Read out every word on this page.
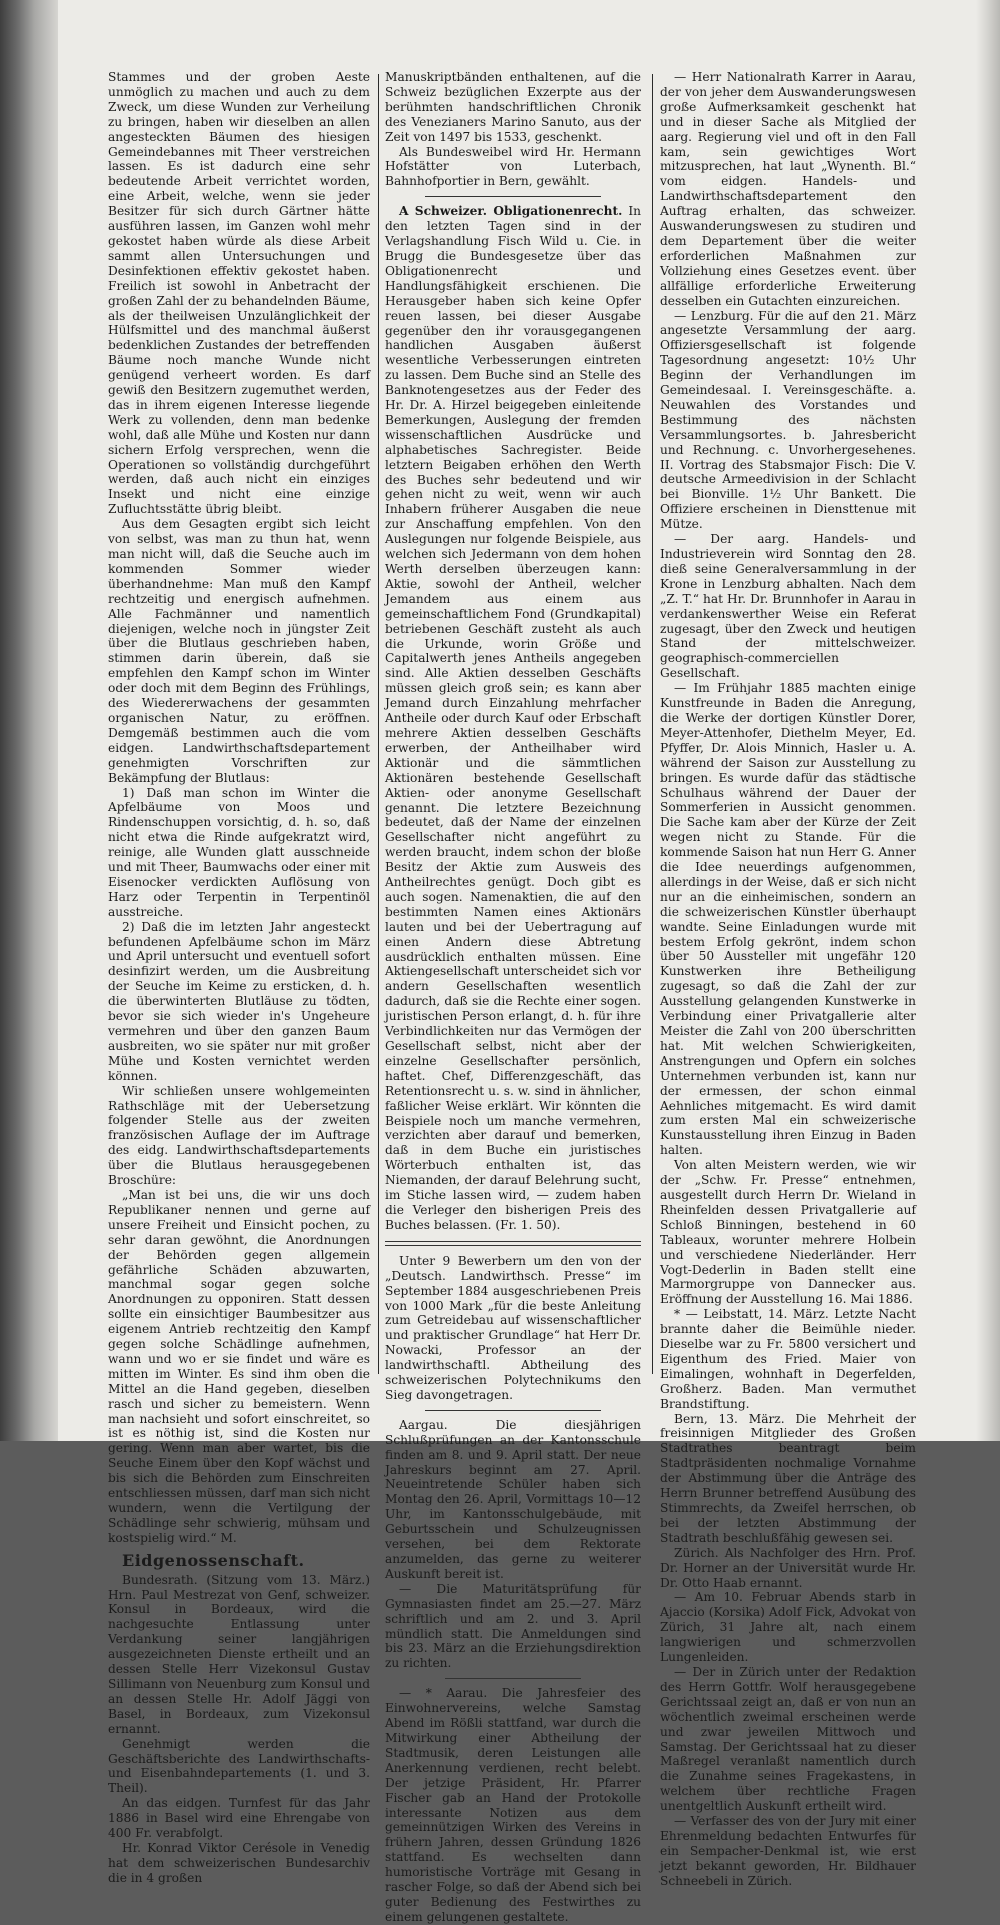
Stammes und der groben Aeste unmöglich zu machen und auch zu dem Zweck, um diese Wunden zur Verheilung zu bringen, haben wir dieselben an allen angesteckten Bäumen des hiesigen Gemeindebannes mit Theer verstreichen lassen. Es ist dadurch eine sehr bedeutende Arbeit verrichtet worden, eine Arbeit, welche, wenn sie jeder Besitzer für sich durch Gärtner hätte ausführen lassen, im Ganzen wohl mehr gekostet haben würde als diese Arbeit sammt allen Untersuchungen und Desinfektionen effektiv gekostet haben. Freilich ist sowohl in Anbetracht der großen Zahl der zu behandelnden Bäume, als der theilweisen Unzulänglichkeit der Hülfsmittel und des manchmal äußerst bedenklichen Zustandes der betreffenden Bäume noch manche Wunde nicht genügend verheert worden. Es darf gewiß den Besitzern zugemuthet werden, das in ihrem eigenen Interesse liegende Werk zu vollenden, denn man bedenke wohl, daß alle Mühe und Kosten nur dann sichern Erfolg versprechen, wenn die Operationen so vollständig durchgeführt werden, daß auch nicht ein einziges Insekt und nicht eine einzige Zufluchtsstätte übrig bleibt.

Aus dem Gesagten ergibt sich leicht von selbst, was man zu thun hat, wenn man nicht will, daß die Seuche auch im kommenden Sommer wieder überhandnehme: Man muß den Kampf rechtzeitig und energisch aufnehmen. Alle Fachmänner und namentlich diejenigen, welche noch in jüngster Zeit über die Blutlaus geschrieben haben, stimmen darin überein, daß sie empfehlen den Kampf schon im Winter oder doch mit dem Beginn des Frühlings, des Wiedererwachens der gesammten organischen Natur, zu eröffnen. Demgemäß bestimmen auch die vom eidgen. Landwirthschaftsdepartement genehmigten Vorschriften zur Bekämpfung der Blutlaus:

1) Daß man schon im Winter die Apfelbäume von Moos und Rindenschuppen vorsichtig, d. h. so, daß nicht etwa die Rinde aufgekratzt wird, reinige, alle Wunden glatt ausschneide und mit Theer, Baumwachs oder einer mit Eisenocker verdickten Auflösung von Harz oder Terpentin in Terpentinöl ausstreiche.

2) Daß die im letzten Jahr angesteckt befundenen Apfelbäume schon im März und April untersucht und eventuell sofort desinfizirt werden, um die Ausbreitung der Seuche im Keime zu ersticken, d. h. die überwinterten Blutläuse zu tödten, bevor sie sich wieder in's Ungeheure vermehren und über den ganzen Baum ausbreiten, wo sie später nur mit großer Mühe und Kosten vernichtet werden können.

Wir schließen unsere wohlgemeinten Rathschläge mit der Uebersetzung folgender Stelle aus der zweiten französischen Auflage der im Auftrage des eidg. Landwirthschaftsdepartements über die Blutlaus herausgegebenen Broschüre:

„Man ist bei uns, die wir uns doch Republikaner nennen und gerne auf unsere Freiheit und Einsicht pochen, zu sehr daran gewöhnt, die Anordnungen der Behörden gegen allgemein gefährliche Schäden abzuwarten, manchmal sogar gegen solche Anordnungen zu opponiren. Statt dessen sollte ein einsichtiger Baumbesitzer aus eigenem Antrieb rechtzeitig den Kampf gegen solche Schädlinge aufnehmen, wann und wo er sie findet und wäre es mitten im Winter. Es sind ihm oben die Mittel an die Hand gegeben, dieselben rasch und sicher zu bemeistern. Wenn man nachsieht und sofort einschreitet, so ist es nöthig ist, sind die Kosten nur gering. Wenn man aber wartet, bis die Seuche Einem über den Kopf wächst und bis sich die Behörden zum Einschreiten entschliessen müssen, darf man sich nicht wundern, wenn die Vertilgung der Schädlinge sehr schwierig, mühsam und kostspielig wird.“ M.

Eidgenossenschaft.

Bundesrath. (Sitzung vom 13. März.) Hrn. Paul Mestrezat von Genf, schweizer. Konsul in Bordeaux, wird die nachgesuchte Entlassung unter Verdankung seiner langjährigen ausgezeichneten Dienste ertheilt und an dessen Stelle Herr Vizekonsul Gustav Sillimann von Neuenburg zum Konsul und an dessen Stelle Hr. Adolf Jäggi von Basel, in Bordeaux, zum Vizekonsul ernannt.

Genehmigt werden die Geschäftsberichte des Landwirthschafts- und Eisenbahndepartements (1. und 3. Theil).

An das eidgen. Turnfest für das Jahr 1886 in Basel wird eine Ehrengabe von 400 Fr. verabfolgt.

Hr. Konrad Viktor Cerésole in Venedig hat dem schweizerischen Bundesarchiv die in 4 großen

Manuskriptbänden enthaltenen, auf die Schweiz bezüglichen Exzerpte aus der berühmten handschriftlichen Chronik des Venezianers Marino Sanuto, aus der Zeit von 1497 bis 1533, geschenkt.

Als Bundesweibel wird Hr. Hermann Hofstätter von Luterbach, Bahnhofportier in Bern, gewählt.

A Schweizer. Obligationenrecht. In den letzten Tagen sind in der Verlagshandlung Fisch Wild u. Cie. in Brugg die Bundesgesetze über das Obligationenrecht und Handlungsfähigkeit erschienen. Die Herausgeber haben sich keine Opfer reuen lassen, bei dieser Ausgabe gegenüber den ihr vorausgegangenen handlichen Ausgaben äußerst wesentliche Verbesserungen eintreten zu lassen. Dem Buche sind an Stelle des Banknotengesetzes aus der Feder des Hr. Dr. A. Hirzel beigegeben einleitende Bemerkungen, Auslegung der fremden wissenschaftlichen Ausdrücke und alphabetisches Sachregister. Beide letztern Beigaben erhöhen den Werth des Buches sehr bedeutend und wir gehen nicht zu weit, wenn wir auch Inhabern früherer Ausgaben die neue zur Anschaffung empfehlen. Von den Auslegungen nur folgende Beispiele, aus welchen sich Jedermann von dem hohen Werth derselben überzeugen kann: Aktie, sowohl der Antheil, welcher Jemandem aus einem aus gemeinschaftlichem Fond (Grundkapital) betriebenen Geschäft zusteht als auch die Urkunde, worin Größe und Capitalwerth jenes Antheils angegeben sind. Alle Aktien desselben Geschäfts müssen gleich groß sein; es kann aber Jemand durch Einzahlung mehrfacher Antheile oder durch Kauf oder Erbschaft mehrere Aktien desselben Geschäfts erwerben, der Antheilhaber wird Aktionär und die sämmtlichen Aktionären bestehende Gesellschaft Aktien- oder anonyme Gesellschaft genannt. Die letztere Bezeichnung bedeutet, daß der Name der einzelnen Gesellschafter nicht angeführt zu werden braucht, indem schon der bloße Besitz der Aktie zum Ausweis des Antheilrechtes genügt. Doch gibt es auch sogen. Namenaktien, die auf den bestimmten Namen eines Aktionärs lauten und bei der Uebertragung auf einen Andern diese Abtretung ausdrücklich enthalten müssen. Eine Aktiengesellschaft unterscheidet sich vor andern Gesellschaften wesentlich dadurch, daß sie die Rechte einer sogen. juristischen Person erlangt, d. h. für ihre Verbindlichkeiten nur das Vermögen der Gesellschaft selbst, nicht aber der einzelne Gesellschafter persönlich, haftet. Chef, Differenzgeschäft, das Retentionsrecht u. s. w. sind in ähnlicher, faßlicher Weise erklärt. Wir könnten die Beispiele noch um manche vermehren, verzichten aber darauf und bemerken, daß in dem Buche ein juristisches Wörterbuch enthalten ist, das Niemanden, der darauf Belehrung sucht, im Stiche lassen wird, — zudem haben die Verleger den bisherigen Preis des Buches belassen. (Fr. 1. 50).

Unter 9 Bewerbern um den von der „Deutsch. Landwirthsch. Presse“ im September 1884 ausgeschriebenen Preis von 1000 Mark „für die beste Anleitung zum Getreidebau auf wissenschaftlicher und praktischer Grundlage“ hat Herr Dr. Nowacki, Professor an der landwirthschaftl. Abtheilung des schweizerischen Polytechnikums den Sieg davongetragen.

Aargau. Die diesjährigen Schlußprüfungen an der Kantonsschule finden am 8. und 9. April statt. Der neue Jahreskurs beginnt am 27. April. Neueintretende Schüler haben sich Montag den 26. April, Vormittags 10—12 Uhr, im Kantonsschulgebäude, mit Geburtsschein und Schulzeugnissen versehen, bei dem Rektorate anzumelden, das gerne zu weiterer Auskunft bereit ist.

— Die Maturitätsprüfung für Gymnasiasten findet am 25.—27. März schriftlich und am 2. und 3. April mündlich statt. Die Anmeldungen sind bis 23. März an die Erziehungsdirektion zu richten.

— * Aarau. Die Jahresfeier des Einwohnervereins, welche Samstag Abend im Rößli stattfand, war durch die Mitwirkung einer Abtheilung der Stadtmusik, deren Leistungen alle Anerkennung verdienen, recht belebt. Der jetzige Präsident, Hr. Pfarrer Fischer gab an Hand der Protokolle interessante Notizen aus dem gemeinnützigen Wirken des Vereins in frühern Jahren, dessen Gründung 1826 stattfand. Es wechselten dann humoristische Vorträge mit Gesang in rascher Folge, so daß der Abend sich bei guter Bedienung des Festwirthes zu einem gelungenen gestaltete.

— Herr Nationalrath Karrer in Aarau, der von jeher dem Auswanderungswesen große Aufmerksamkeit geschenkt hat und in dieser Sache als Mitglied der aarg. Regierung viel und oft in den Fall kam, sein gewichtiges Wort mitzusprechen, hat laut „Wynenth. Bl.“ vom eidgen. Handels- und Landwirthschaftsdepartement den Auftrag erhalten, das schweizer. Auswanderungswesen zu studiren und dem Departement über die weiter erforderlichen Maßnahmen zur Vollziehung eines Gesetzes event. über allfällige erforderliche Erweiterung desselben ein Gutachten einzureichen.

— Lenzburg. Für die auf den 21. März angesetzte Versammlung der aarg. Offiziersgesellschaft ist folgende Tagesordnung angesetzt: 10½ Uhr Beginn der Verhandlungen im Gemeindesaal. I. Vereinsgeschäfte. a. Neuwahlen des Vorstandes und Bestimmung des nächsten Versammlungsortes. b. Jahresbericht und Rechnung. c. Unvorhergesehenes. II. Vortrag des Stabsmajor Fisch: Die V. deutsche Armeedivision in der Schlacht bei Bionville. 1½ Uhr Bankett. Die Offiziere erscheinen in Diensttenue mit Mütze.

— Der aarg. Handels- und Industrieverein wird Sonntag den 28. dieß seine Generalversammlung in der Krone in Lenzburg abhalten. Nach dem „Z. T.“ hat Hr. Dr. Brunnhofer in Aarau in verdankenswerther Weise ein Referat zugesagt, über den Zweck und heutigen Stand der mittelschweizer. geographisch-commerciellen Gesellschaft.

— Im Frühjahr 1885 machten einige Kunstfreunde in Baden die Anregung, die Werke der dortigen Künstler Dorer, Meyer-Attenhofer, Diethelm Meyer, Ed. Pfyffer, Dr. Alois Minnich, Hasler u. A. während der Saison zur Ausstellung zu bringen. Es wurde dafür das städtische Schulhaus während der Dauer der Sommerferien in Aussicht genommen. Die Sache kam aber der Kürze der Zeit wegen nicht zu Stande. Für die kommende Saison hat nun Herr G. Anner die Idee neuerdings aufgenommen, allerdings in der Weise, daß er sich nicht nur an die einheimischen, sondern an die schweizerischen Künstler überhaupt wandte. Seine Einladungen wurde mit bestem Erfolg gekrönt, indem schon über 50 Aussteller mit ungefähr 120 Kunstwerken ihre Betheiligung zugesagt, so daß die Zahl der zur Ausstellung gelangenden Kunstwerke in Verbindung einer Privatgallerie alter Meister die Zahl von 200 überschritten hat. Mit welchen Schwierigkeiten, Anstrengungen und Opfern ein solches Unternehmen verbunden ist, kann nur der ermessen, der schon einmal Aehnliches mitgemacht. Es wird damit zum ersten Mal ein schweizerische Kunstausstellung ihren Einzug in Baden halten.

Von alten Meistern werden, wie wir der „Schw. Fr. Presse“ entnehmen, ausgestellt durch Herrn Dr. Wieland in Rheinfelden dessen Privatgallerie auf Schloß Binningen, bestehend in 60 Tableaux, worunter mehrere Holbein und verschiedene Niederländer. Herr Vogt-Dederlin in Baden stellt eine Marmorgruppe von Dannecker aus. Eröffnung der Ausstellung 16. Mai 1886.

* — Leibstatt, 14. März. Letzte Nacht brannte daher die Beimühle nieder. Dieselbe war zu Fr. 5800 versichert und Eigenthum des Fried. Maier von Eimalingen, wohnhaft in Degerfelden, Großherz. Baden. Man vermuthet Brandstiftung.

Bern, 13. März. Die Mehrheit der freisinnigen Mitglieder des Großen Stadtrathes beantragt beim Stadtpräsidenten nochmalige Vornahme der Abstimmung über die Anträge des Herrn Brunner betreffend Ausübung des Stimmrechts, da Zweifel herrschen, ob bei der letzten Abstimmung der Stadtrath beschlußfähig gewesen sei.

Zürich. Als Nachfolger des Hrn. Prof. Dr. Horner an der Universität wurde Hr. Dr. Otto Haab ernannt.

— Am 10. Februar Abends starb in Ajaccio (Korsika) Adolf Fick, Advokat von Zürich, 31 Jahre alt, nach einem langwierigen und schmerzvollen Lungenleiden.

— Der in Zürich unter der Redaktion des Herrn Gottfr. Wolf herausgegebene Gerichtssaal zeigt an, daß er von nun an wöchentlich zweimal erscheinen werde und zwar jeweilen Mittwoch und Samstag. Der Gerichtssaal hat zu dieser Maßregel veranlaßt namentlich durch die Zunahme seines Fragekastens, in welchem über rechtliche Fragen unentgeltlich Auskunft ertheilt wird.

— Verfasser des von der Jury mit einer Ehrenmeldung bedachten Entwurfes für ein Sempacher-Denkmal ist, wie erst jetzt bekannt geworden, Hr. Bildhauer Schneebeli in Zürich.
